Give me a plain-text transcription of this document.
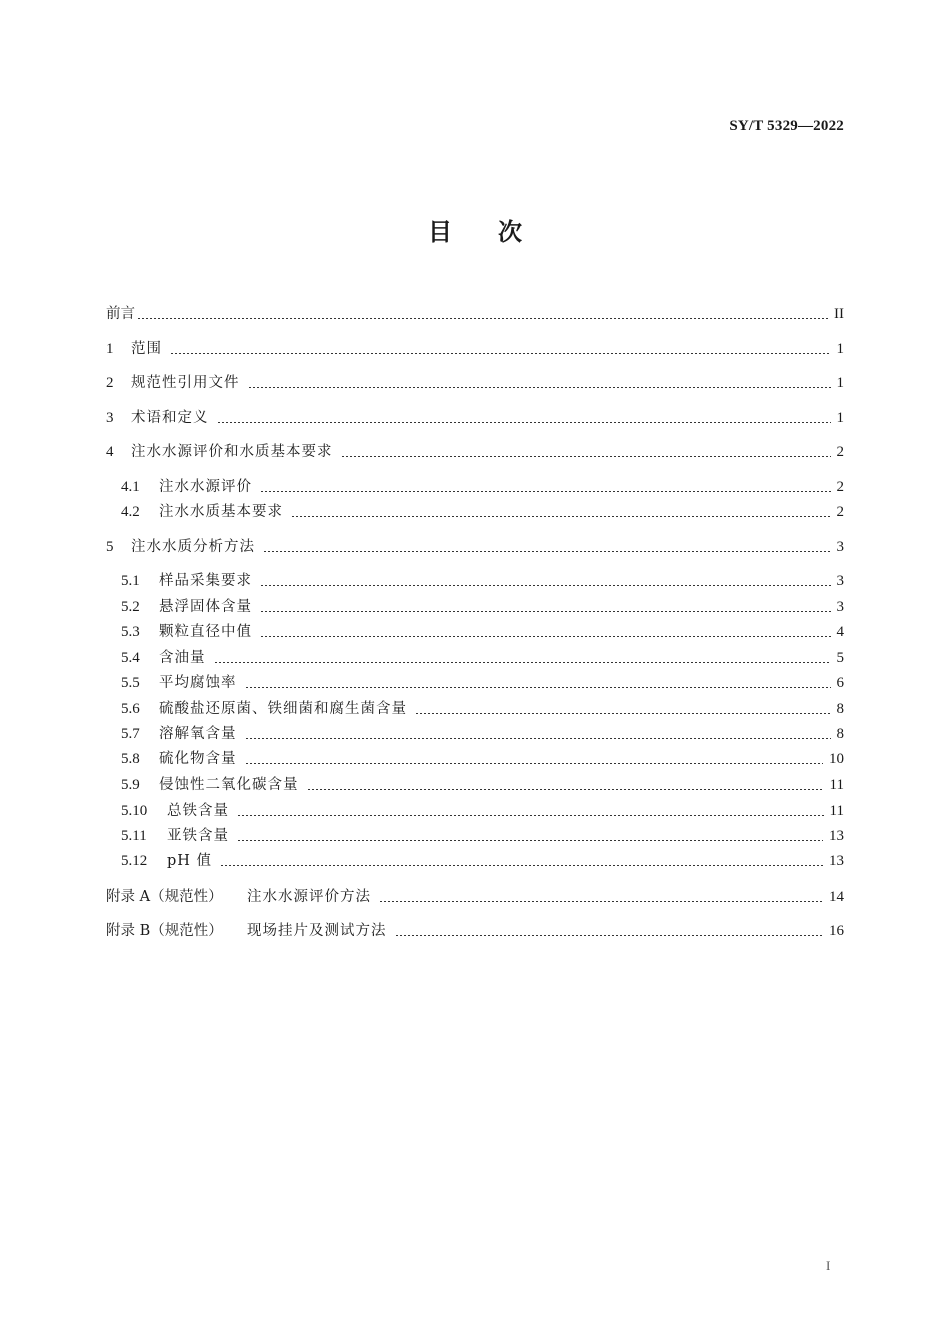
SY/T 5329—2022
目次
前言	II
1	范围	1
2	规范性引用文件	1
3	术语和定义	1
4	注水水源评价和水质基本要求	2
4.1	注水水源评价	2
4.2	注水水质基本要求	2
5	注水水质分析方法	3
5.1	样品采集要求	3
5.2	悬浮固体含量	3
5.3	颗粒直径中值	4
5.4	含油量	5
5.5	平均腐蚀率	6
5.6	硫酸盐还原菌、铁细菌和腐生菌含量	8
5.7	溶解氧含量	8
5.8	硫化物含量	10
5.9	侵蚀性二氧化碳含量	11
5.10	总铁含量	11
5.11	亚铁含量	13
5.12	pH 值	13
附录 A（规范性）	注水水源评价方法	14
附录 B（规范性）	现场挂片及测试方法	16
I
